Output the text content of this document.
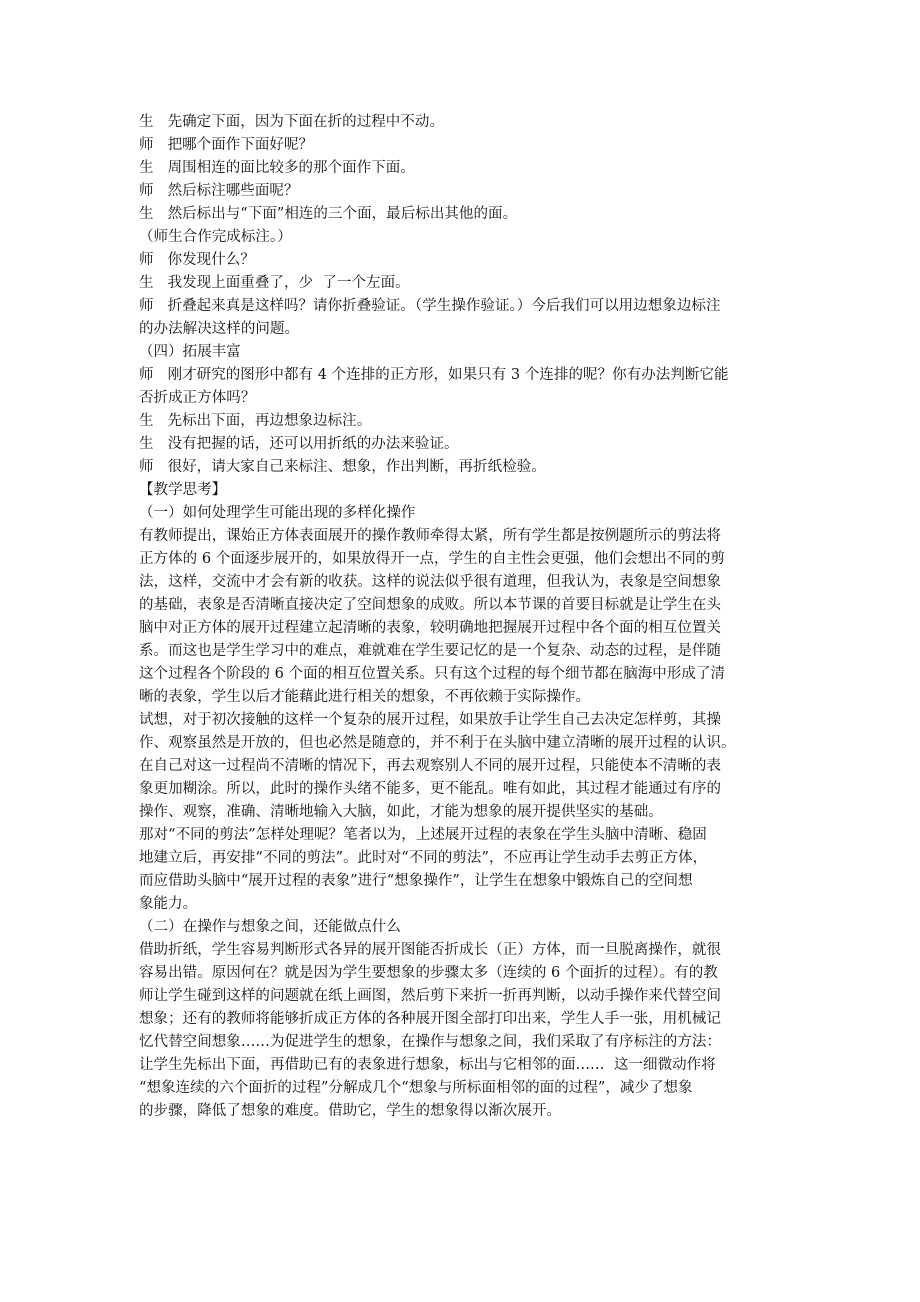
生 先确定下面，因为下面在折的过程中不动。
师 把哪个面作下面好呢？
生 周围相连的面比较多的那个面作下面。
师 然后标注哪些面呢？
生 然后标出与“下面”相连的三个面，最后标出其他的面。
（师生合作完成标注。）
师 你发现什么？
生 我发现上面重叠了，少  了一个左面。
师 折叠起来真是这样吗？请你折叠验证。（学生操作验证。）今后我们可以用边想象边标注
的办法解决这样的问题。
（四）拓展丰富
师 刚才研究的图形中都有 4 个连排的正方形，如果只有 3 个连排的呢？你有办法判断它能
否折成正方体吗？
生 先标出下面，再边想象边标注。
生 没有把握的话，还可以用折纸的办法来验证。
师 很好，请大家自己来标注、想象，作出判断，再折纸检验。
【教学思考】
（一）如何处理学生可能出现的多样化操作
有教师提出，课始正方体表面展开的操作教师牵得太紧，所有学生都是按例题所示的剪法将
正方体的 6 个面逐步展开的，如果放得开一点，学生的自主性会更强，他们会想出不同的剪
法，这样，交流中才会有新的收获。这样的说法似乎很有道理，但我认为，表象是空间想象
的基础，表象是否清晰直接决定了空间想象的成败。所以本节课的首要目标就是让学生在头
脑中对正方体的展开过程建立起清晰的表象，较明确地把握展开过程中各个面的相互位置关
系。而这也是学生学习中的难点，难就难在学生要记忆的是一个复杂、动态的过程，是伴随
这个过程各个阶段的 6 个面的相互位置关系。只有这个过程的每个细节都在脑海中形成了清
晰的表象，学生以后才能藉此进行相关的想象，不再依赖于实际操作。
试想，对于初次接触的这样一个复杂的展开过程，如果放手让学生自己去决定怎样剪，其操
作、观察虽然是开放的，但也必然是随意的，并不利于在头脑中建立清晰的展开过程的认识。
在自己对这一过程尚不清晰的情况下，再去观察别人不同的展开过程，只能使本不清晰的表
象更加糊涂。所以，此时的操作头绪不能多，更不能乱。唯有如此，其过程才能通过有序的
操作、观察，准确、清晰地输入大脑，如此，才能为想象的展开提供坚实的基础。
那对“不同的剪法”怎样处理呢？笔者以为，上述展开过程的表象在学生头脑中清晰、稳固
地建立后，再安排“不同的剪法”。此时对“不同的剪法”，不应再让学生动手去剪正方体，
而应借助头脑中“展开过程的表象”进行“想象操作”，让学生在想象中锻炼自己的空间想
象能力。
（二）在操作与想象之间，还能做点什么
借助折纸，学生容易判断形式各异的展开图能否折成长（正）方体，而一旦脱离操作，就很
容易出错。原因何在？就是因为学生要想象的步骤太多（连续的 6 个面折的过程）。有的教
师让学生碰到这样的问题就在纸上画图，然后剪下来折一折再判断，以动手操作来代替空间
想象；还有的教师将能够折成正方体的各种展开图全部打印出来，学生人手一张，用机械记
忆代替空间想象……为促进学生的想象，在操作与想象之间，我们采取了有序标注的方法：
让学生先标出下面，再借助已有的表象进行想象，标出与它相邻的面……  这一细微动作将
“想象连续的六个面折的过程”分解成几个“想象与所标面相邻的面的过程”，减少了想象
的步骤，降低了想象的难度。借助它，学生的想象得以渐次展开。
